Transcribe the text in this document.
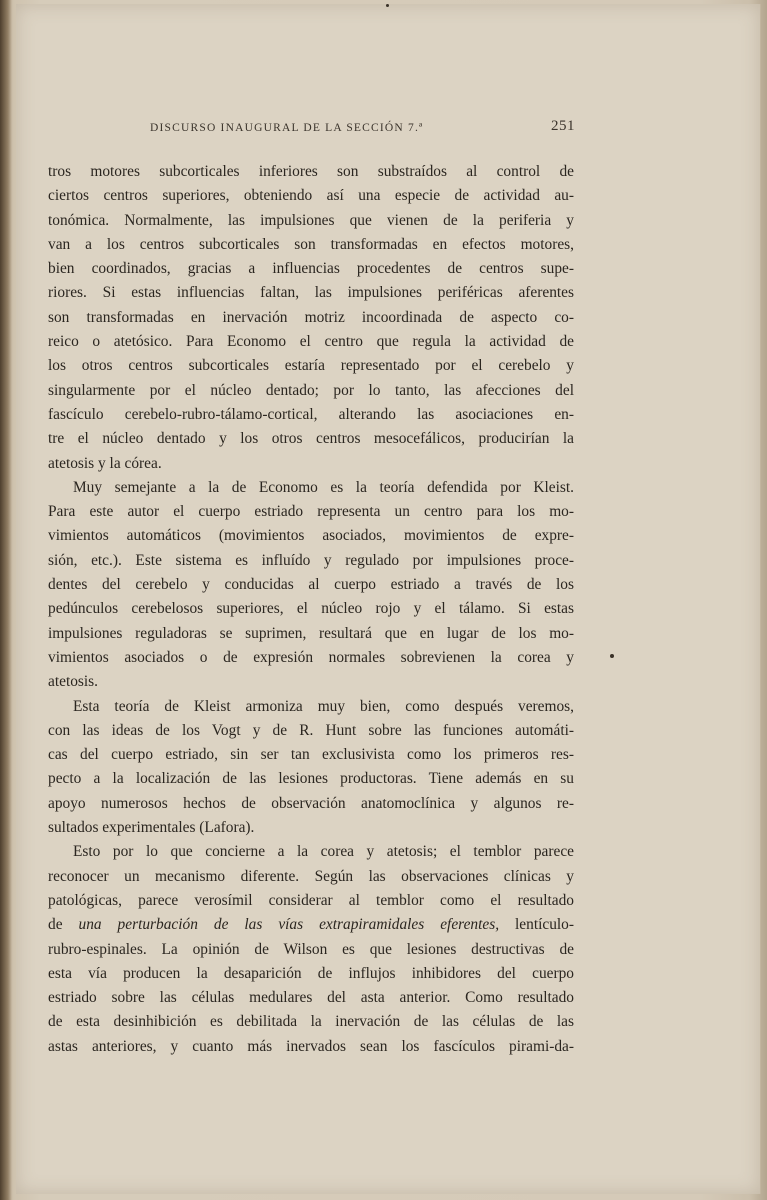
DISCURSO INAUGURAL DE LA SECCIÓN 7.ª	251
tros motores subcorticales inferiores son substraídos al control de
ciertos centros superiores, obteniendo así una especie de actividad au-
tonómica. Normalmente, las impulsiones que vienen de la periferia y
van a los centros subcorticales son transformadas en efectos motores,
bien coordinados, gracias a influencias procedentes de centros supe-
riores. Si estas influencias faltan, las impulsiones periféricas aferentes
son transformadas en inervación motriz incoordinada de aspecto co-
reico o atetósico. Para Economo el centro que regula la actividad de
los otros centros subcorticales estaría representado por el cerebelo y
singularmente por el núcleo dentado; por lo tanto, las afecciones del
fascículo cerebelo-rubro-tálamo-cortical, alterando las asociaciones en-
tre el núcleo dentado y los otros centros mesocefálicos, producirían la
atetosis y la córea.
Muy semejante a la de Economo es la teoría defendida por Kleist.
Para este autor el cuerpo estriado representa un centro para los mo-
vimientos automáticos (movimientos asociados, movimientos de expre-
sión, etc.). Este sistema es influído y regulado por impulsiones proce-
dentes del cerebelo y conducidas al cuerpo estriado a través de los
pedúnculos cerebelosos superiores, el núcleo rojo y el tálamo. Si estas
impulsiones reguladoras se suprimen, resultará que en lugar de los mo-
vimientos asociados o de expresión normales sobrevienen la corea y
atetosis.
Esta teoría de Kleist armoniza muy bien, como después veremos,
con las ideas de los Vogt y de R. Hunt sobre las funciones automáti-
cas del cuerpo estriado, sin ser tan exclusivista como los primeros res-
pecto a la localización de las lesiones productoras. Tiene además en su
apoyo numerosos hechos de observación anatomoclínica y algunos re-
sultados experimentales (Lafora).
Esto por lo que concierne a la corea y atetosis; el temblor parece
reconocer un mecanismo diferente. Según las observaciones clínicas y
patológicas, parece verosímil considerar al temblor como el resultado
de una perturbación de las vías extrapiramidales eferentes, lentículo-
rubro-espinales. La opinión de Wilson es que lesiones destructivas de
esta vía producen la desaparición de influjos inhibidores del cuerpo
estriado sobre las células medulares del asta anterior. Como resultado
de esta desinhibición es debilitada la inervación de las células de las
astas anteriores, y cuanto más inervados sean los fascículos pirami-da-
